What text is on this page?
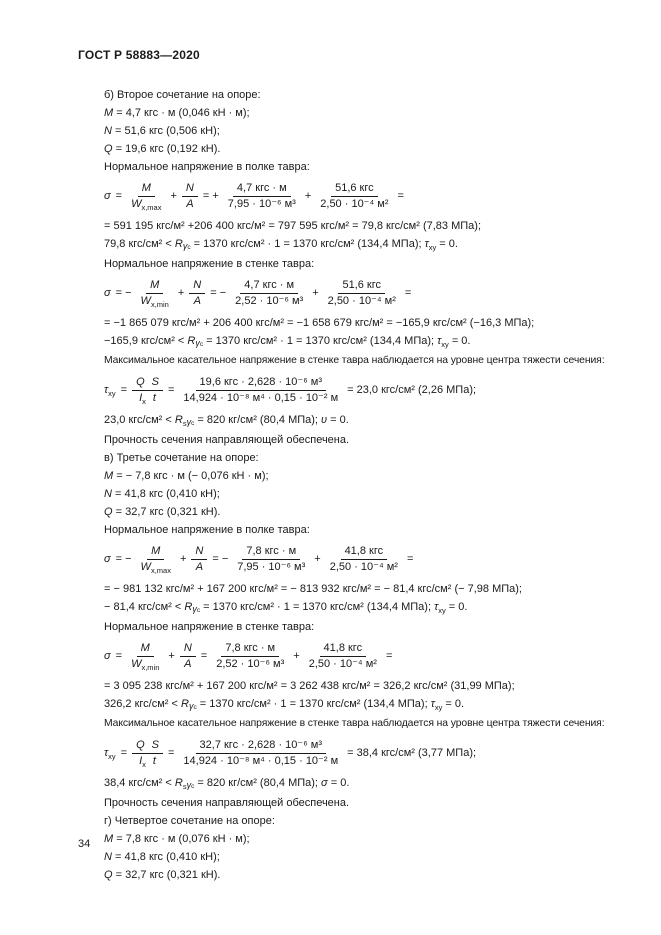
ГОСТ Р 58883—2020

б) Второе сочетание на опоре:

M = 4,7 кгс · м (0,046 кН · м);

N = 51,6 кгс (0,506 кН);

Q = 19,6 кгс (0,192 кН).

Нормальное напряжение в полке тавра:

$\sigma = \frac{M}{W_{x,max}} + \frac{N}{A}$ = + $\frac{\text{4,7 кгс · м}}{\text{7,95 · 10⁻⁶ м³}} + \frac{\text{51,6 кгс}}{\text{2,50 · 10⁻⁴ м²}}$ =

= 591 195 кгс/м² +206 400 кгс/м² = 797 595 кгс/м² = 79,8 кгс/см² (7,83 МПа);

79,8 $кгс/см^2 < R\gamma_c = 1370$ кгс/см² · 1 = 1370 кгс/см² (134,4 МПа); $\tau_{xy} = 0$.

Нормальное напряжение в стенке тавра:

σ = − $\frac{M}{W_{x,min}} + \frac{N}{A}$ = − $\frac{\text{4,7 кгс · м}}{\text{2,52 · 10⁻⁶ м³}} + \frac{\text{51,6 кгс}}{\text{2,50 · 10⁻⁴ м²}}$ =

= −1 865 079 кгс/м² + 206 400 кгс/м² = −1 658 679 кгс/м² = −165,9 кгс/см² (−16,3 МПа);

−165,9 $кгс/см^2 < R\gamma_c = 1370$ кгс/см² · 1 = 1370 кгс/см² (134,4 МПа); $\tau_{xy} = 0$.

Максимальное касательное напряжение в стенке тавра наблюдается на уровне центра тяжести сечения:

$\tau_{xy} = \frac{\text{Q S}}{I_x t} = \frac{\text{19,6 кгс · 2,628 · 10⁻⁶ м³}}{\text{14,924 · 10⁻⁸ м⁴ · 0,15 · 10⁻² м}} = 23,0$ кгс/см² (2,26 МПа);

23,0 $кгс/см^2 < R_s\gamma_c = 820$ кг/см² (80,4 МПа); υ = 0.

Прочность сечения направляющей обеспечена.

в) Третье сочетание на опоре:

M = − 7,8 кгс · м (− 0,076 кН · м);

N = 41,8 кгс (0,410 кН);

Q = 32,7 кгс (0,321 кН).

Нормальное напряжение в полке тавра:

σ = − $\frac{M}{W_{x,max}} + \frac{N}{A}$ = − $\frac{\text{7,8 кгс · м}}{\text{7,95 · 10⁻⁶ м³}} + \frac{\text{41,8 кгс}}{\text{2,50 · 10⁻⁴ м²}}$ =

= − 981 132 кгс/м² + 167 200 кгс/м² = − 813 932 кгс/м² = − 81,4 кгс/см² (− 7,98 МПа);

− 81,4 $кгс/см^2 < R\gamma_c = 1370$ кгс/см² · 1 = 1370 кгс/см² (134,4 МПа); $\tau_{xy} = 0$.

Нормальное напряжение в стенке тавра:

$\sigma = \frac{M}{W_{x,min}} + \frac{N}{A} = \frac{\text{7,8 кгс · м}}{\text{2,52 · 10⁻⁶ м³}} + \frac{\text{41,8 кгс}}{\text{2,50 · 10⁻⁴ м²}}$ =

= 3 095 238 кгс/м² + 167 200 кгс/м² = 3 262 438 кгс/м² = 326,2 кгс/см² (31,99 МПа);

326,2 $кгс/см^2 < R\gamma_c = 1370$ кгс/см² · 1 = 1370 кгс/см² (134,4 МПа); $\tau_{xy} = 0$.

Максимальное касательное напряжение в стенке тавра наблюдается на уровне центра тяжести сечения:

$\tau_{xy} = \frac{\text{Q S}}{I_x t} = \frac{\text{32,7 кгс · 2,628 · 10⁻⁶ м³}}{\text{14,924 · 10⁻⁸ м⁴ · 0,15 · 10⁻² м}} = 38,4$ кгс/см² (3,77 МПа);

38,4 $кгс/см^2 < R_s\gamma_c = 820$ кг/см² (80,4 МПа); σ = 0.

Прочность сечения направляющей обеспечена.

г) Четвертое сочетание на опоре:

M = 7,8 кгс · м (0,076 кН · м);

N = 41,8 кгс (0,410 кН);

Q = 32,7 кгс (0,321 кН).

34
